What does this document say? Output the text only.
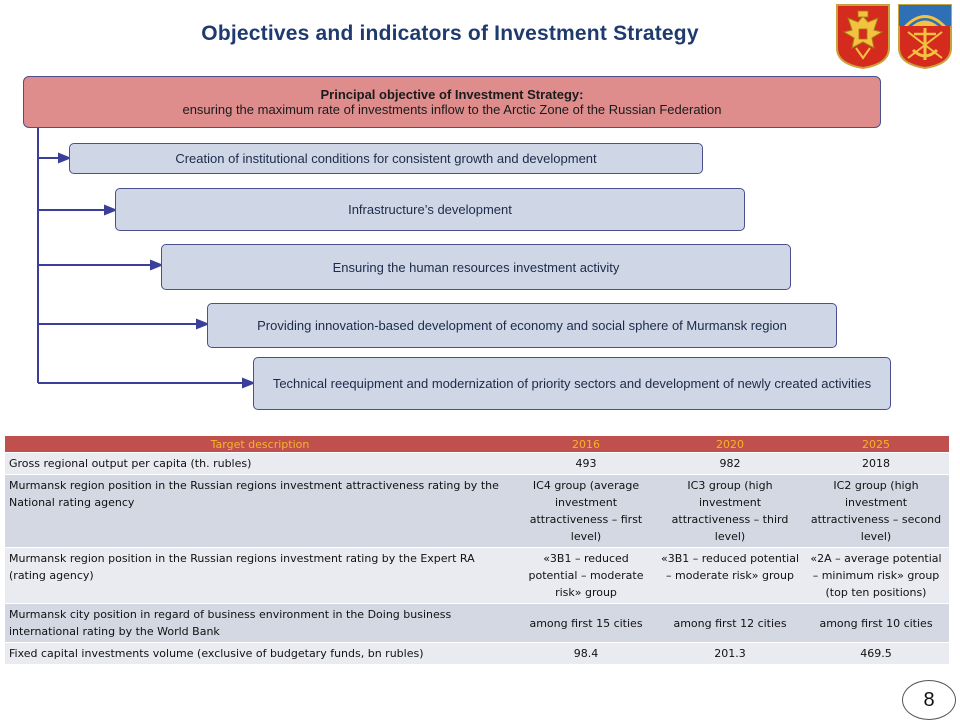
Objectives and indicators of Investment Strategy
Principal objective of Investment Strategy:
ensuring the maximum rate of investments inflow to the Arctic Zone of the Russian Federation
Creation of institutional conditions for consistent growth and development
Infrastructure’s development
Ensuring the human resources investment activity
Providing innovation-based development of economy and social sphere of Murmansk region
Technical reequipment and modernization of priority sectors and development of newly created activities
Target description	2016	2020	2025
Gross regional output per capita (th. rubles)	493	982	2018
Murmansk region position in the Russian regions investment attractiveness rating by the National rating agency	IC4 group (average investment attractiveness – first level)	IC3 group (high investment attractiveness – third level)	IC2 group (high investment attractiveness – second level)
Murmansk region position in the Russian regions investment rating by the Expert RA (rating agency)	«3B1 – reduced potential – moderate risk» group	«3B1 – reduced potential – moderate risk» group	«2A – average potential – minimum risk» group (top ten positions)
Murmansk city position in regard of business environment in the Doing business international rating by the World Bank	among first 15 cities	among first 12 cities	among first 10 cities
Fixed capital investments volume (exclusive of budgetary funds, bn rubles)	98.4	201.3	469.5
8
